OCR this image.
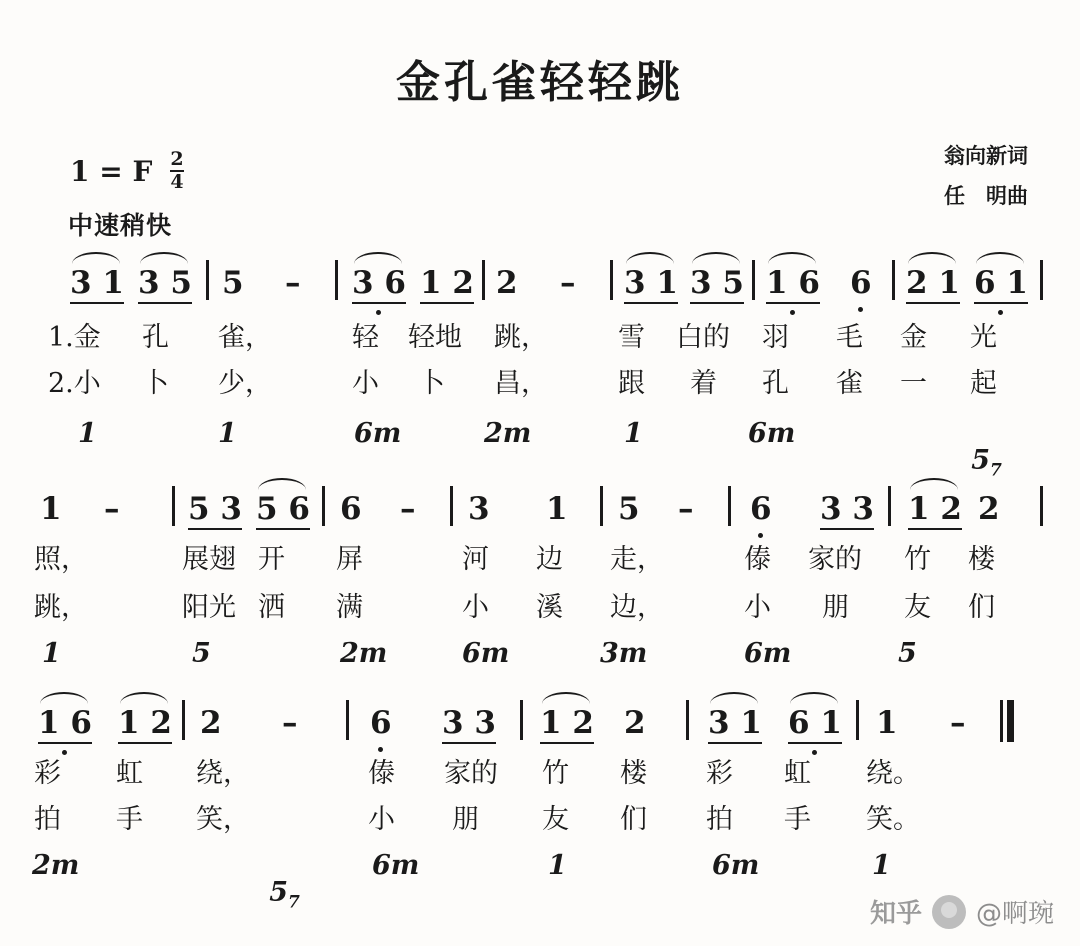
金孔雀轻轻跳
翁向新词
任　明曲
1 = F $\frac{2}{4}$
中速稍快
3 1 3 5 5 – 3 6 1 2 2 – 3 1 3 5 1 6 6 2 1 6 1
1.金 孔 雀，	轻 轻地 跳，	雪 白的 羽 毛 金 光
2.小 卜 少，	小 卜 昌，	跟 着 孔 雀 一 起
1	1	6m	2m	1	6m

$5_7$

1 – 5 3 5 6 6 – 3 1 5 – 6 3 3 1 2 2
照，	展翅 开 屏	河 边 走，	傣 家的 竹 楼
跳，	阳光 洒 满	小 溪 边，	小 朋 友 们
1	5	2m	6m	3m	6m	5
1 6 1 2 2 – 6 3 3 1 2 2 3 1 6 1 1 –
彩 虹 绕，	傣 家的 竹 楼 彩 虹 绕。
拍 手 笑，	小 朋 友 们 拍 手 笑。
2m

$5_7$

6m	1	6m	1
知乎 @啊琬
